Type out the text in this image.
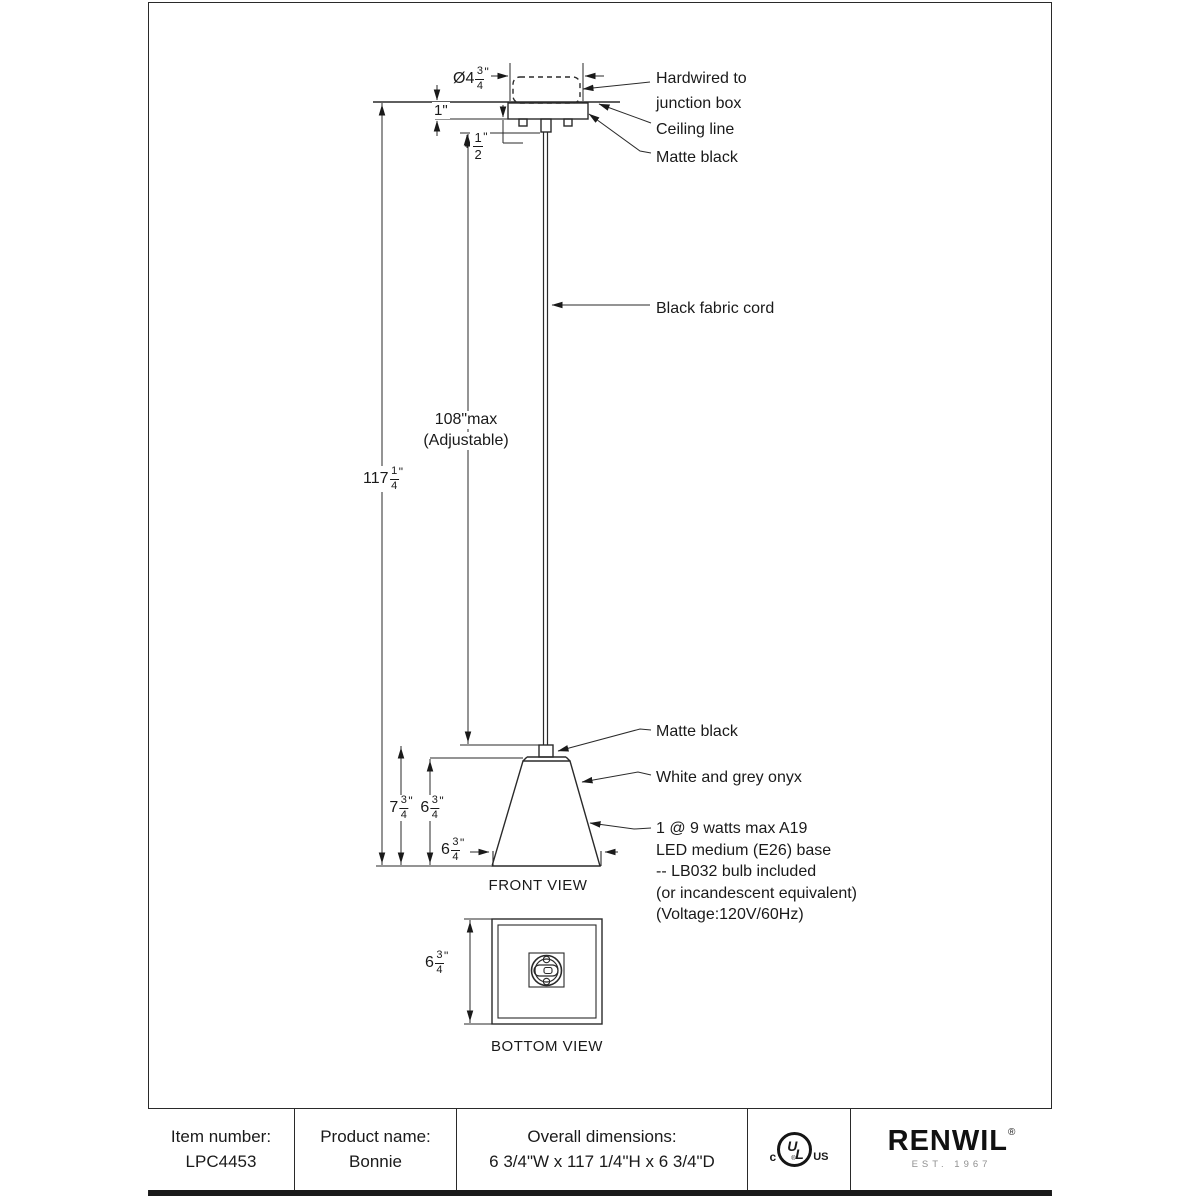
Ø4 3
4
"
1"
1
2
"
108"max
(Adjustable)
117 1
4
"
7 3
4
" 6 3
4
"
6 3
4
"
6 3
4
"
Hardwired to
junction box
Ceiling line
Matte black
Black fabric cord
Matte black
White and grey onyx
1 @ 9 watts max A19
LED medium (E26) base
-- LB032 bulb included
(or incandescent equivalent)
(Voltage:120V/60Hz)
FRONT VIEW
BOTTOM VIEW
Item number:
LPC4453
Product name:
Bonnie
Overall dimensions:
6 3/4"W x 117 1/4"H x 6 3/4"D	c
U
L
® US RENWIL ®
EST. 1967
